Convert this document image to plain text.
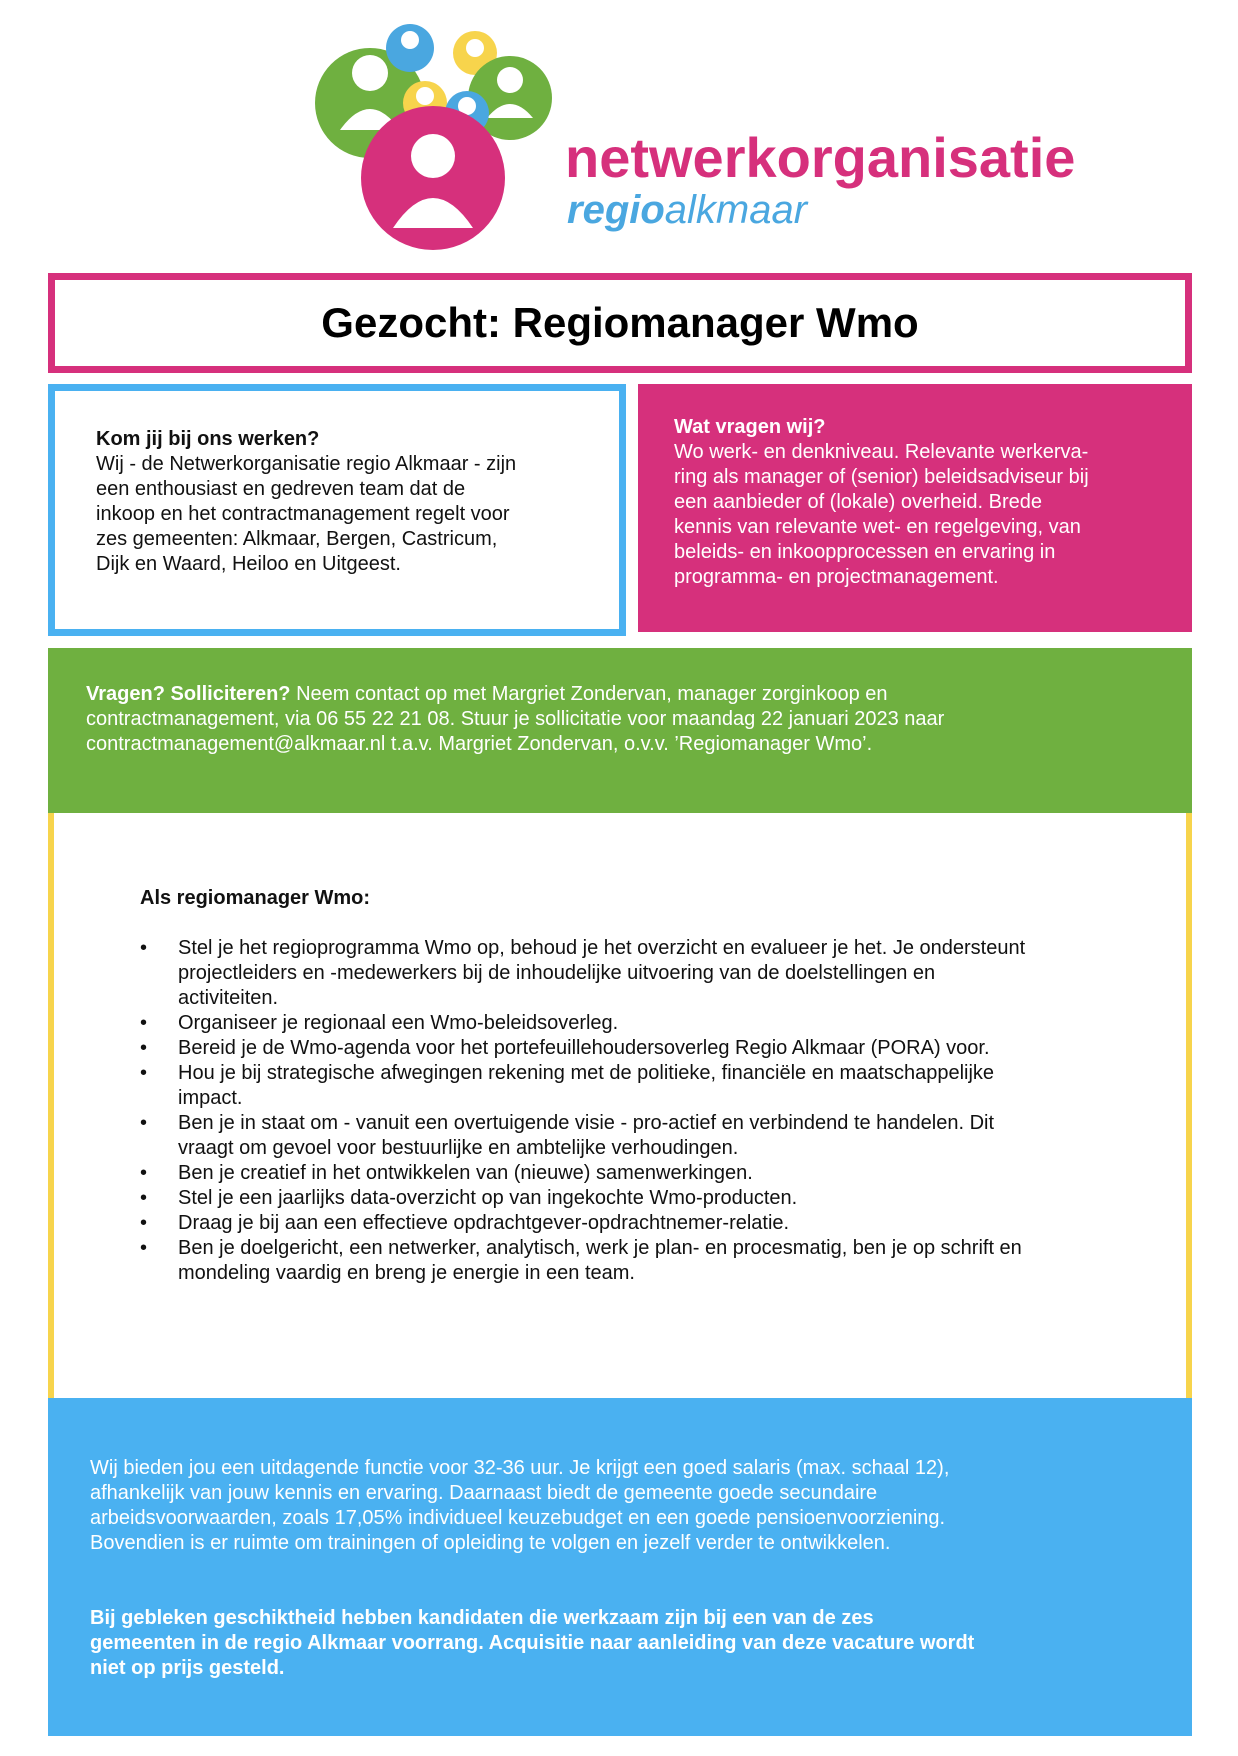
netwerkorganisatie
regioalkmaar
Gezocht: Regiomanager Wmo
Kom jij bij ons werken?
Wij - de Netwerkorganisatie regio Alkmaar - zijn
een enthousiast en gedreven team dat de
inkoop en het contractmanagement regelt voor
zes gemeenten: Alkmaar, Bergen, Castricum,
Dijk en Waard, Heiloo en Uitgeest.
Wat vragen wij?
Wo werk- en denkniveau. Relevante werkerva-
ring als manager of (senior) beleidsadviseur bij
een aanbieder of (lokale) overheid. Brede
kennis van relevante wet- en regelgeving, van
beleids- en inkoopprocessen en ervaring in
programma- en projectmanagement.
Vragen? Solliciteren? Neem contact op met Margriet Zondervan, manager zorginkoop en
contractmanagement, via 06 55 22 21 08. Stuur je sollicitatie voor maandag 22 januari 2023 naar
contractmanagement@alkmaar.nl t.a.v. Margriet Zondervan, o.v.v. ’Regiomanager Wmo’.
Als regiomanager Wmo:
• Stel je het regioprogramma Wmo op, behoud je het overzicht en evalueer je het. Je ondersteunt
projectleiders en -medewerkers bij de inhoudelijke uitvoering van de doelstellingen en
activiteiten.
• Organiseer je regionaal een Wmo-beleidsoverleg.
• Bereid je de Wmo-agenda voor het portefeuillehoudersoverleg Regio Alkmaar (PORA) voor.
• Hou je bij strategische afwegingen rekening met de politieke, financiële en maatschappelijke
impact.
• Ben je in staat om - vanuit een overtuigende visie - pro-actief en verbindend te handelen. Dit
vraagt om gevoel voor bestuurlijke en ambtelijke verhoudingen.
• Ben je creatief in het ontwikkelen van (nieuwe) samenwerkingen.
• Stel je een jaarlijks data-overzicht op van ingekochte Wmo-producten.
• Draag je bij aan een effectieve opdrachtgever-opdrachtnemer-relatie.
• Ben je doelgericht, een netwerker, analytisch, werk je plan- en procesmatig, ben je op schrift en
mondeling vaardig en breng je energie in een team.
Wij bieden jou een uitdagende functie voor 32-36 uur. Je krijgt een goed salaris (max. schaal 12),
afhankelijk van jouw kennis en ervaring. Daarnaast biedt de gemeente goede secundaire
arbeidsvoorwaarden, zoals 17,05% individueel keuzebudget en een goede pensioenvoorziening.
Bovendien is er ruimte om trainingen of opleiding te volgen en jezelf verder te ontwikkelen.
Bij gebleken geschiktheid hebben kandidaten die werkzaam zijn bij een van de zes
gemeenten in de regio Alkmaar voorrang. Acquisitie naar aanleiding van deze vacature wordt
niet op prijs gesteld.
